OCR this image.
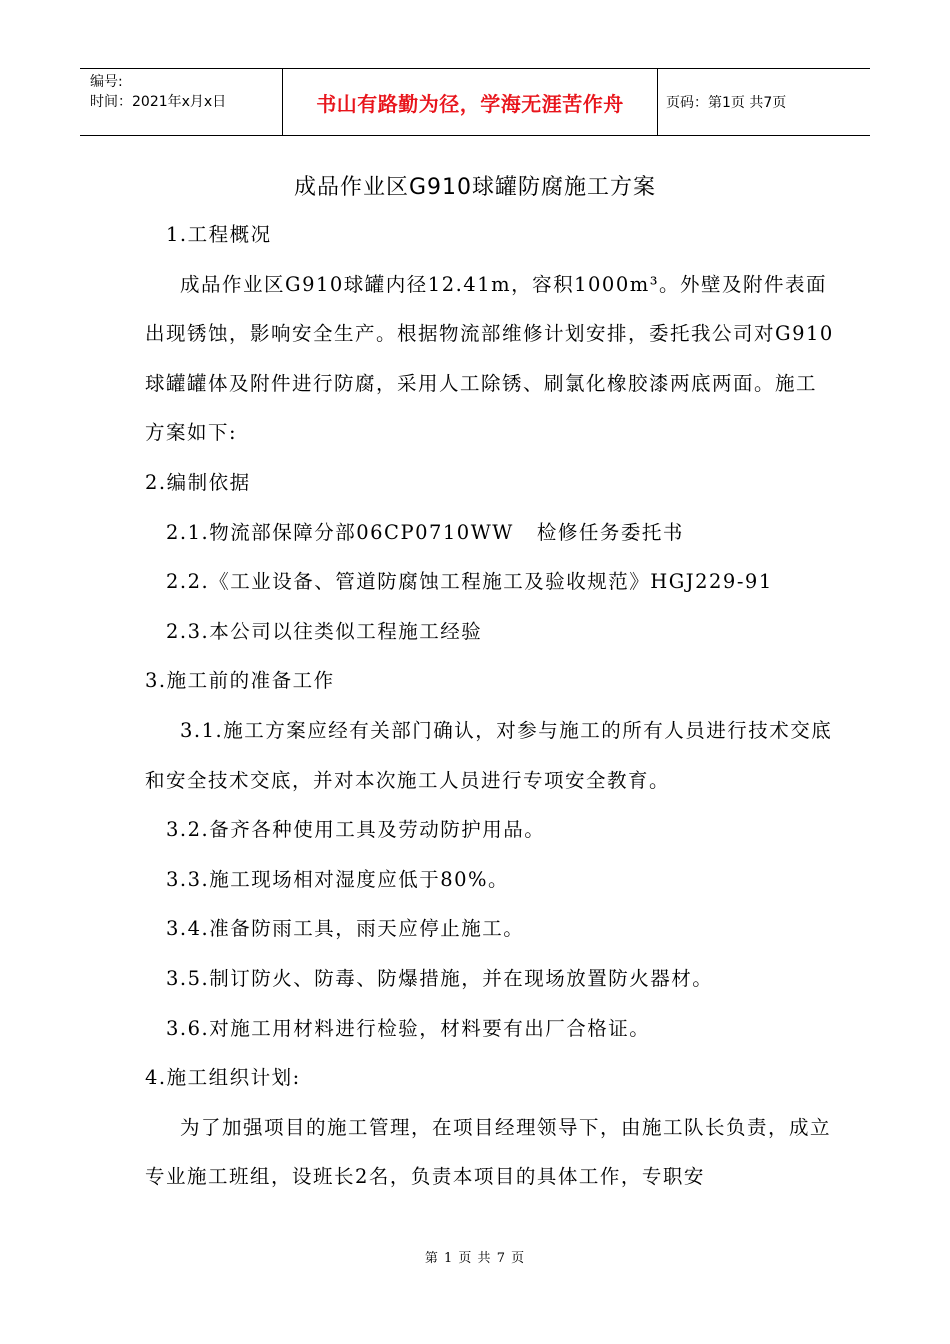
编号:
时间：2021年x月x日	书山有路勤为径，学海无涯苦作舟	页码：第1页 共7页
成品作业区G910球罐防腐施工方案

1.工程概况

成品作业区G910球罐内径12.41m，容积1000m³。外壁及附件表面出现锈蚀，影响安全生产。根据物流部维修计划安排，委托我公司对G910球罐罐体及附件进行防腐，采用人工除锈、刷氯化橡胶漆两底两面。施工方案如下:

2.编制依据

2.1.物流部保障分部06CP0710WW   检修任务委托书

2.2.《工业设备、管道防腐蚀工程施工及验收规范》HGJ229-91

2.3.本公司以往类似工程施工经验

3.施工前的准备工作

3.1.施工方案应经有关部门确认，对参与施工的所有人员进行技术交底和安全技术交底，并对本次施工人员进行专项安全教育。

3.2.备齐各种使用工具及劳动防护用品。

3.3.施工现场相对湿度应低于80%。

3.4.准备防雨工具，雨天应停止施工。

3.5.制订防火、防毒、防爆措施，并在现场放置防火器材。

3.6.对施工用材料进行检验，材料要有出厂合格证。

4.施工组织计划:

为了加强项目的施工管理，在项目经理领导下，由施工队长负责，成立专业施工班组，设班长2名，负责本项目的具体工作，专职安

第 1 页 共 7 页
